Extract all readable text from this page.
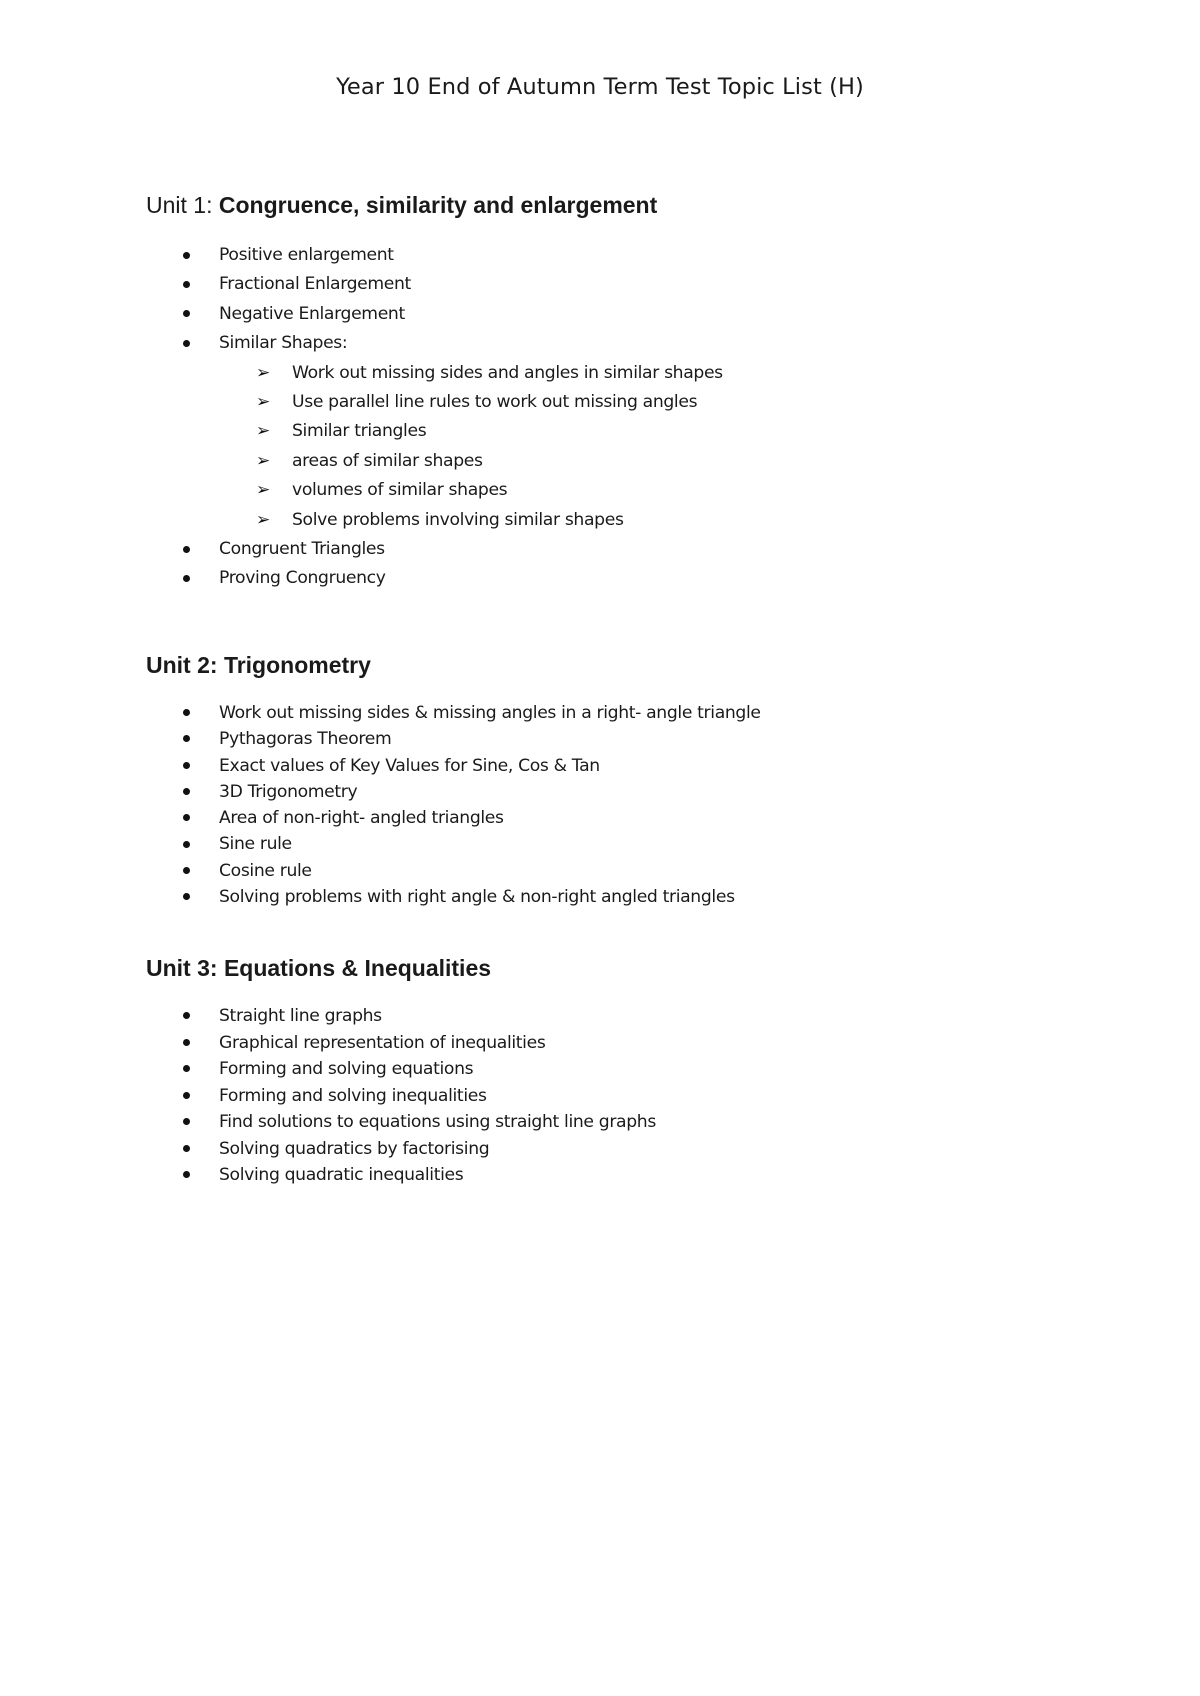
Year 10 End of Autumn Term Test Topic List (H)
Unit 1: Congruence, similarity and enlargement
Positive enlargement
Fractional Enlargement
Negative Enlargement
Similar Shapes:
➢ Work out missing sides and angles in similar shapes
➢ Use parallel line rules to work out missing angles
➢ Similar triangles
➢ areas of similar shapes
➢ volumes of similar shapes
➢ Solve problems involving similar shapes
Congruent Triangles
Proving Congruency
Unit 2: Trigonometry
Work out missing sides & missing angles in a right- angle triangle
Pythagoras Theorem
Exact values of Key Values for Sine, Cos & Tan
3D Trigonometry
Area of non-right- angled triangles
Sine rule
Cosine rule
Solving problems with right angle & non-right angled triangles
Unit 3: Equations & Inequalities
Straight line graphs
Graphical representation of inequalities
Forming and solving equations
Forming and solving inequalities
Find solutions to equations using straight line graphs
Solving quadratics by factorising
Solving quadratic inequalities
